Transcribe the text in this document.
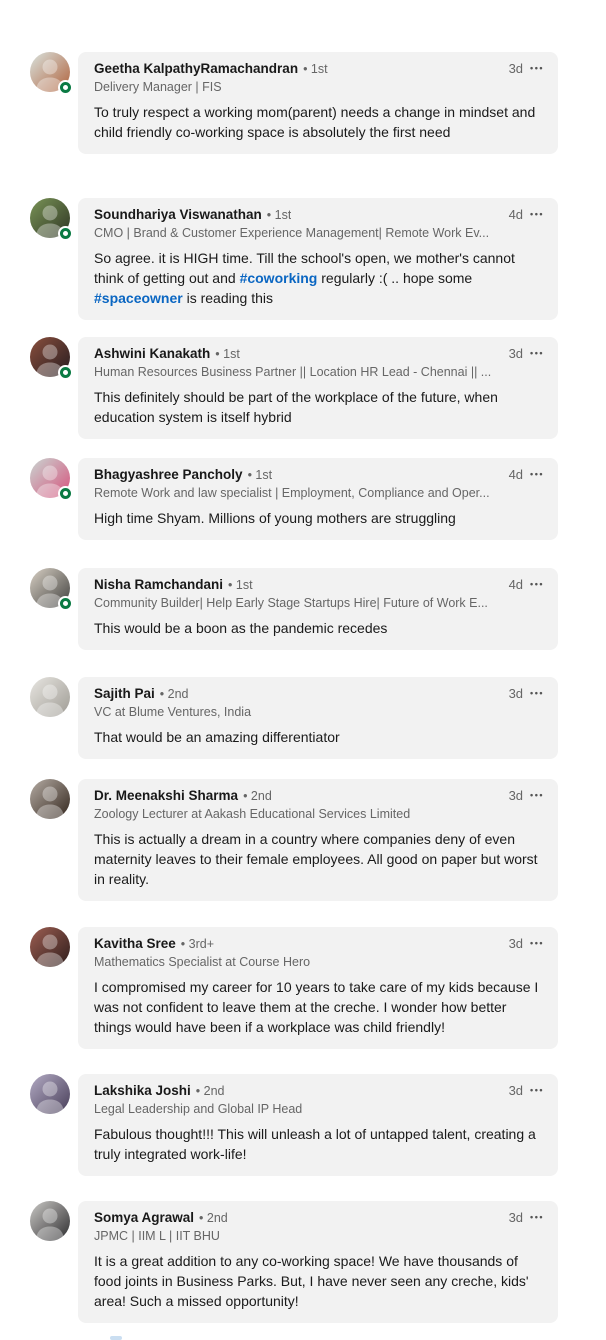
Geetha KalpathyRamachandran • 1st	3d •••
Delivery Manager | FIS
To truly respect a working mom(parent) needs a change in mindset and child friendly co-working space is absolutely the first need
Soundhariya Viswanathan • 1st	4d •••
CMO | Brand & Customer Experience Management| Remote Work Ev...
So agree. it is HIGH time. Till the school's open, we mother's cannot think of getting out and #coworking regularly :( .. hope some #spaceowner is reading this
Ashwini Kanakath • 1st	3d •••
Human Resources Business Partner || Location HR Lead - Chennai || ...
This definitely should be part of the workplace of the future, when education system is itself hybrid
Bhagyashree Pancholy • 1st	4d •••
Remote Work and law specialist | Employment, Compliance and Oper...
High time Shyam. Millions of young mothers are struggling
Nisha Ramchandani • 1st	4d •••
Community Builder| Help Early Stage Startups Hire| Future of Work E...
This would be a boon as the pandemic recedes
Sajith Pai • 2nd	3d •••
VC at Blume Ventures, India
That would be an amazing differentiator
Dr. Meenakshi Sharma • 2nd	3d •••
Zoology Lecturer at Aakash Educational Services Limited
This is actually a dream in a country where companies deny of even maternity leaves to their female employees. All good on paper but worst in reality.
Kavitha Sree • 3rd+	3d •••
Mathematics Specialist at Course Hero
I compromised my career for 10 years to take care of my kids because I was not confident to leave them at the creche. I wonder how better things would have been if a workplace was child friendly!
Lakshika Joshi • 2nd	3d •••
Legal Leadership and Global IP Head
Fabulous thought!!! This will unleash a lot of untapped talent, creating a truly integrated work-life!
Somya Agrawal • 2nd	3d •••
JPMC | IIM L | IIT BHU
It is a great addition to any co-working space! We have thousands of food joints in Business Parks. But, I have never seen any creche, kids' area! Such a missed opportunity!
